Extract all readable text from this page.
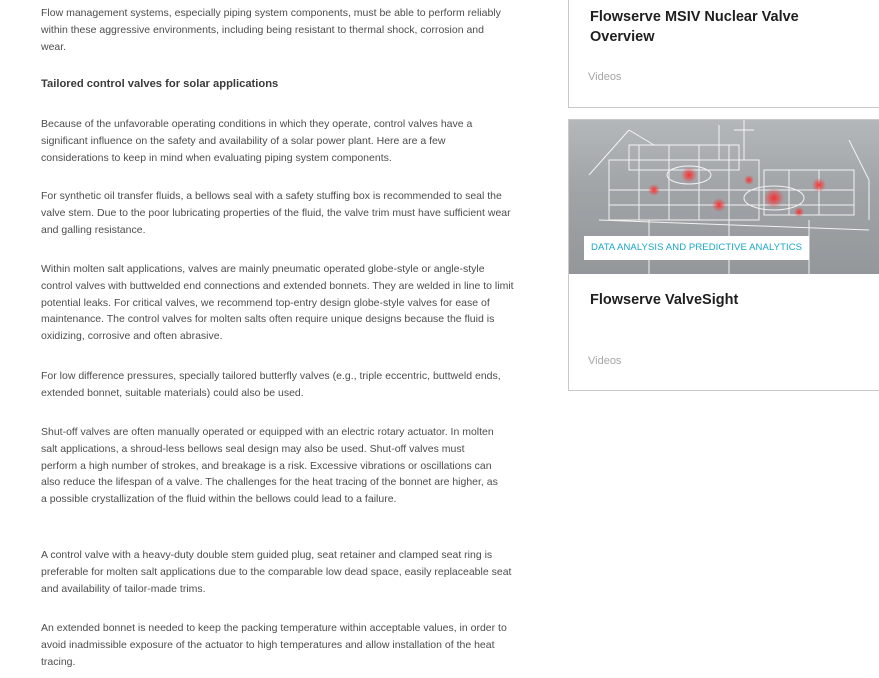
Flow management systems, especially piping system components, must be able to perform reliably within these aggressive environments, including being resistant to thermal shock, corrosion and wear.

Tailored control valves for solar applications

Because of the unfavorable operating conditions in which they operate, control valves have a significant influence on the safety and availability of a solar power plant. Here are a few considerations to keep in mind when evaluating piping system components.

For synthetic oil transfer fluids, a bellows seal with a safety stuffing box is recommended to seal the valve stem. Due to the poor lubricating properties of the fluid, the valve trim must have sufficient wear and galling resistance.

Within molten salt applications, valves are mainly pneumatic operated globe-style or angle-style control valves with buttwelded end connections and extended bonnets. They are welded in line to limit potential leaks. For critical valves, we recommend top-entry design globe-style valves for ease of maintenance. The control valves for molten salts often require unique designs because the fluid is oxidizing, corrosive and often abrasive.

For low difference pressures, specially tailored butterfly valves (e.g., triple eccentric, buttweld ends, extended bonnet, suitable materials) could also be used.

Shut-off valves are often manually operated or equipped with an electric rotary actuator. In molten salt applications, a shroud-less bellows seal design may also be used. Shut-off valves must perform a high number of strokes, and breakage is a risk. Excessive vibrations or oscillations can also reduce the lifespan of a valve. The challenges for the heat tracing of the bonnet are higher, as a possible crystallization of the fluid within the bellows could lead to a failure.

A control valve with a heavy-duty double stem guided plug, seat retainer and clamped seat ring is preferable for molten salt applications due to the comparable low dead space, easily replaceable seat and availability of tailor-made trims.

An extended bonnet is needed to keep the packing temperature within acceptable values, in order to avoid inadmissible exposure of the actuator to high temperatures and allow installation of the heat tracing.

Flowserve MSIV Nuclear Valve Overview
Videos
DATA ANALYSIS AND PREDICTIVE ANALYTICS
Flowserve ValveSight
Videos
